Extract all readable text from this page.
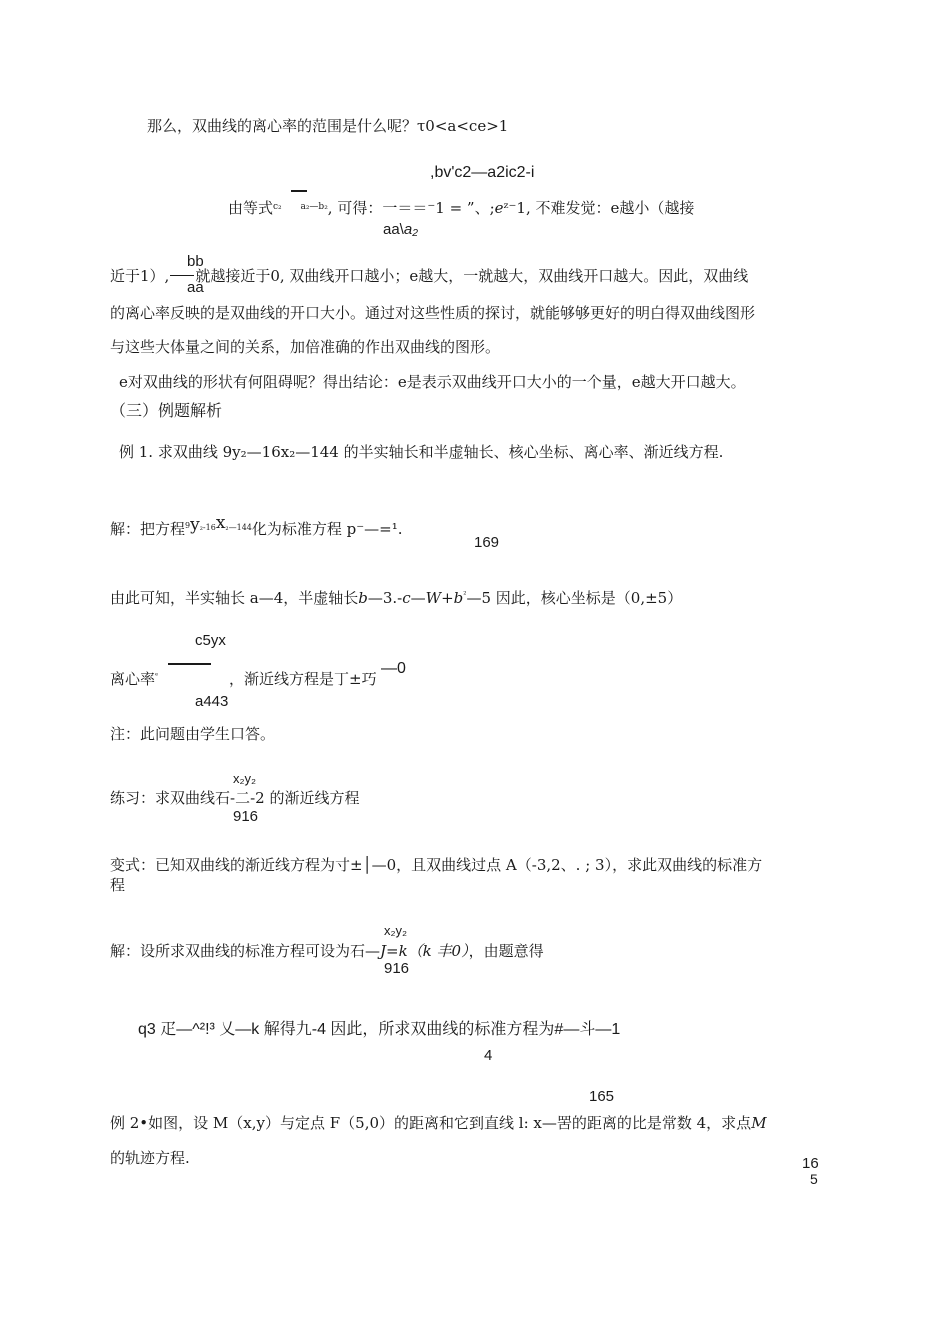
那么，双曲线的离心率的范围是什么呢？τ0<a<ce>1
,bv'c2—a2ic2-i
由等式$^{c_2}$ $^{a_2—b_2}$, 可得：一＝＝⁻1 = ”、;eᶻ⁻1, 不难发觉：e越小（越接
aa\a₂
bb
近于1）, 就越接近于0, 双曲线开口越小；e越大，一就越大，双曲线开口越大。因此，双曲线
aa
的离心率反映的是双曲线的开口大小。通过对这些性质的探讨，就能够够更好的明白得双曲线图形
与这些大体量之间的关系，加倍准确的作出双曲线的图形。
e对双曲线的形状有何阻碍呢？得出结论：e是表示双曲线开口大小的一个量，e越大开口越大。
（三）例题解析
例 1. 求双曲线 9y₂—16x₂—144 的半实轴长和半虚轴长、核心坐标、离心率、渐近线方程.
解：把方程$^9y^{_2-16}x^{_2—144}$化为标准方程 p⁻—=¹.
169
由此可知，半实轴长 a—4，半虚轴长$b—3.-c—W+b^{^2}—5$ 因此，核心坐标是（0,±5）
c5yx
离心率$^ᵉ$	，渐近线方程是丁±巧
—0
a443
注：此问题由学生口答。
x₂y₂
练习：求双曲线石-二-2 的渐近线方程
916
变式：已知双曲线的渐近线方程为寸±│—0，且双曲线过点 A（-3,2、. ; 3），求此双曲线的标准方
程
x₂y₂
解：设所求双曲线的标准方程可设为石—J=k（k 丰0），由题意得
916
q3 疋—^²!³ 乂—k 解得九-4 因此，所求双曲线的标准方程为#—斗—1
4
165
例 2•如图，设 M（x,y）与定点 F（5,0）的距离和它到直线 l: x—罟的距离的比是常数 4，求点M
的轨迹方程.	16
5
